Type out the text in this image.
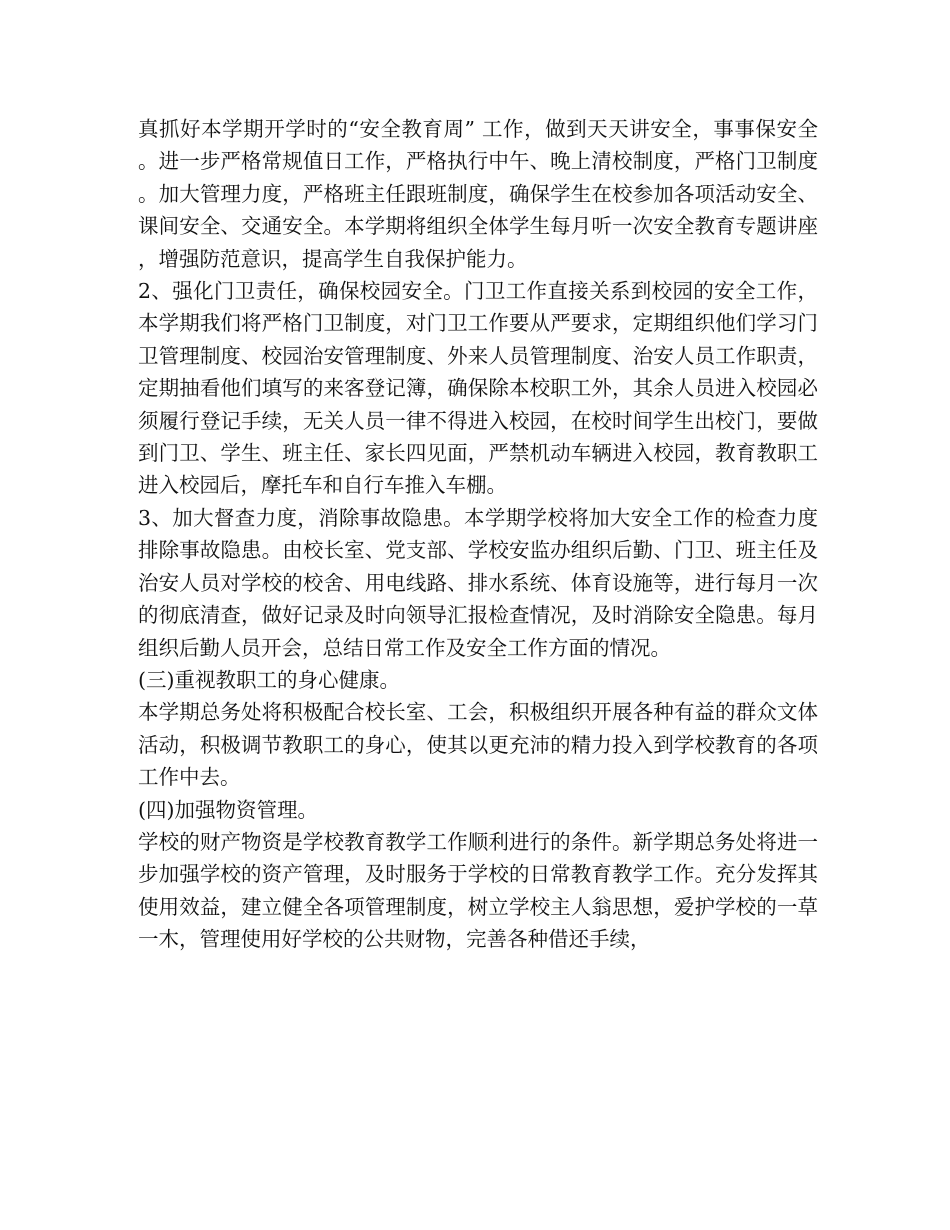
真抓好本学期开学时的“安全教育周” 工作，做到天天讲安全，事事保安全。进一步严格常规值日工作，严格执行中午、晚上清校制度，严格门卫制度。加大管理力度，严格班主任跟班制度，确保学生在校参加各项活动安全、课间安全、交通安全。本学期将组织全体学生每月听一次安全教育专题讲座，增强防范意识，提高学生自我保护能力。

2、强化门卫责任，确保校园安全。门卫工作直接关系到校园的安全工作，本学期我们将严格门卫制度，对门卫工作要从严要求，定期组织他们学习门卫管理制度、校园治安管理制度、外来人员管理制度、治安人员工作职责，定期抽看他们填写的来客登记簿，确保除本校职工外，其余人员进入校园必须履行登记手续，无关人员一律不得进入校园，在校时间学生出校门，要做到门卫、学生、班主任、家长四见面，严禁机动车辆进入校园，教育教职工进入校园后，摩托车和自行车推入车棚。

3、加大督查力度，消除事故隐患。本学期学校将加大安全工作的检查力度排除事故隐患。由校长室、党支部、学校安监办组织后勤、门卫、班主任及治安人员对学校的校舍、用电线路、排水系统、体育设施等，进行每月一次的彻底清查，做好记录及时向领导汇报检查情况，及时消除安全隐患。每月组织后勤人员开会，总结日常工作及安全工作方面的情况。

(三)重视教职工的身心健康。

本学期总务处将积极配合校长室、工会，积极组织开展各种有益的群众文体活动，积极调节教职工的身心，使其以更充沛的精力投入到学校教育的各项工作中去。

(四)加强物资管理。

学校的财产物资是学校教育教学工作顺利进行的条件。新学期总务处将进一步加强学校的资产管理，及时服务于学校的日常教育教学工作。充分发挥其使用效益，建立健全各项管理制度，树立学校主人翁思想，爱护学校的一草一木，管理使用好学校的公共财物，完善各种借还手续，
